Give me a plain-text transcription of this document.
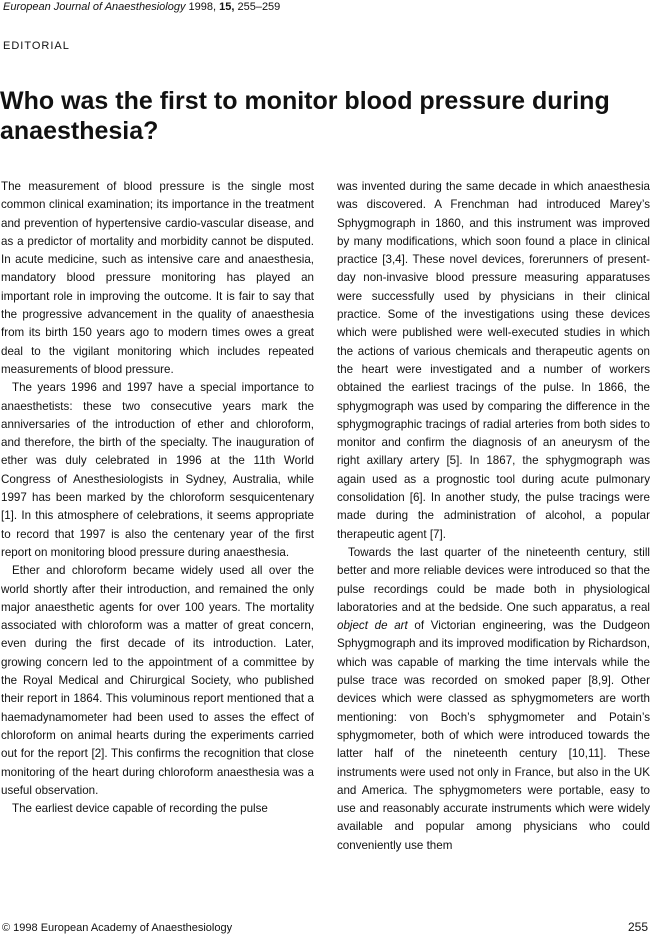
European Journal of Anaesthesiology 1998, 15, 255–259
EDITORIAL
Who was the first to monitor blood pressure during anaesthesia?

The measurement of blood pressure is the single most common clinical examination; its importance in the treatment and prevention of hypertensive cardio-vascular disease, and as a predictor of mortality and morbidity cannot be disputed. In acute medicine, such as intensive care and anaesthesia, mandatory blood pressure monitoring has played an important role in improving the outcome. It is fair to say that the progressive advancement in the quality of anaesthesia from its birth 150 years ago to modern times owes a great deal to the vigilant monitoring which includes repeated measurements of blood pressure.

The years 1996 and 1997 have a special importance to anaesthetists: these two consecutive years mark the anniversaries of the introduction of ether and chloroform, and therefore, the birth of the specialty. The inauguration of ether was duly celebrated in 1996 at the 11th World Congress of Anesthesiologists in Sydney, Australia, while 1997 has been marked by the chloroform sesquicentenary [1]. In this atmosphere of celebrations, it seems appropriate to record that 1997 is also the centenary year of the first report on monitoring blood pressure during anaesthesia.

Ether and chloroform became widely used all over the world shortly after their introduction, and remained the only major anaesthetic agents for over 100 years. The mortality associated with chloroform was a matter of great concern, even during the first decade of its introduction. Later, growing concern led to the appointment of a committee by the Royal Medical and Chirurgical Society, who published their report in 1864. This voluminous report mentioned that a haemadynamometer had been used to asses the effect of chloroform on animal hearts during the experiments carried out for the report [2]. This confirms the recognition that close monitoring of the heart during chloroform anaesthesia was a useful observation.

The earliest device capable of recording the pulse

was invented during the same decade in which anaesthesia was discovered. A Frenchman had introduced Marey’s Sphygmograph in 1860, and this instrument was improved by many modifications, which soon found a place in clinical practice [3,4]. These novel devices, forerunners of present-day non-invasive blood pressure measuring apparatuses were successfully used by physicians in their clinical practice. Some of the investigations using these devices which were published were well-executed studies in which the actions of various chemicals and therapeutic agents on the heart were investigated and a number of workers obtained the earliest tracings of the pulse. In 1866, the sphygmograph was used by comparing the difference in the sphygmographic tracings of radial arteries from both sides to monitor and confirm the diagnosis of an aneurysm of the right axillary artery [5]. In 1867, the sphygmograph was again used as a prognostic tool during acute pulmonary consolidation [6]. In another study, the pulse tracings were made during the administration of alcohol, a popular therapeutic agent [7].

Towards the last quarter of the nineteenth century, still better and more reliable devices were introduced so that the pulse recordings could be made both in physiological laboratories and at the bedside. One such apparatus, a real object de art of Victorian engineering, was the Dudgeon Sphygmograph and its improved modification by Richardson, which was capable of marking the time intervals while the pulse trace was recorded on smoked paper [8,9]. Other devices which were classed as sphygmometers are worth mentioning: von Boch’s sphygmometer and Potain’s sphygmometer, both of which were introduced towards the latter half of the nineteenth century [10,11]. These instruments were used not only in France, but also in the UK and America. The sphygmometers were portable, easy to use and reasonably accurate instruments which were widely available and popular among physicians who could conveniently use them

© 1998 European Academy of Anaesthesiology	255
